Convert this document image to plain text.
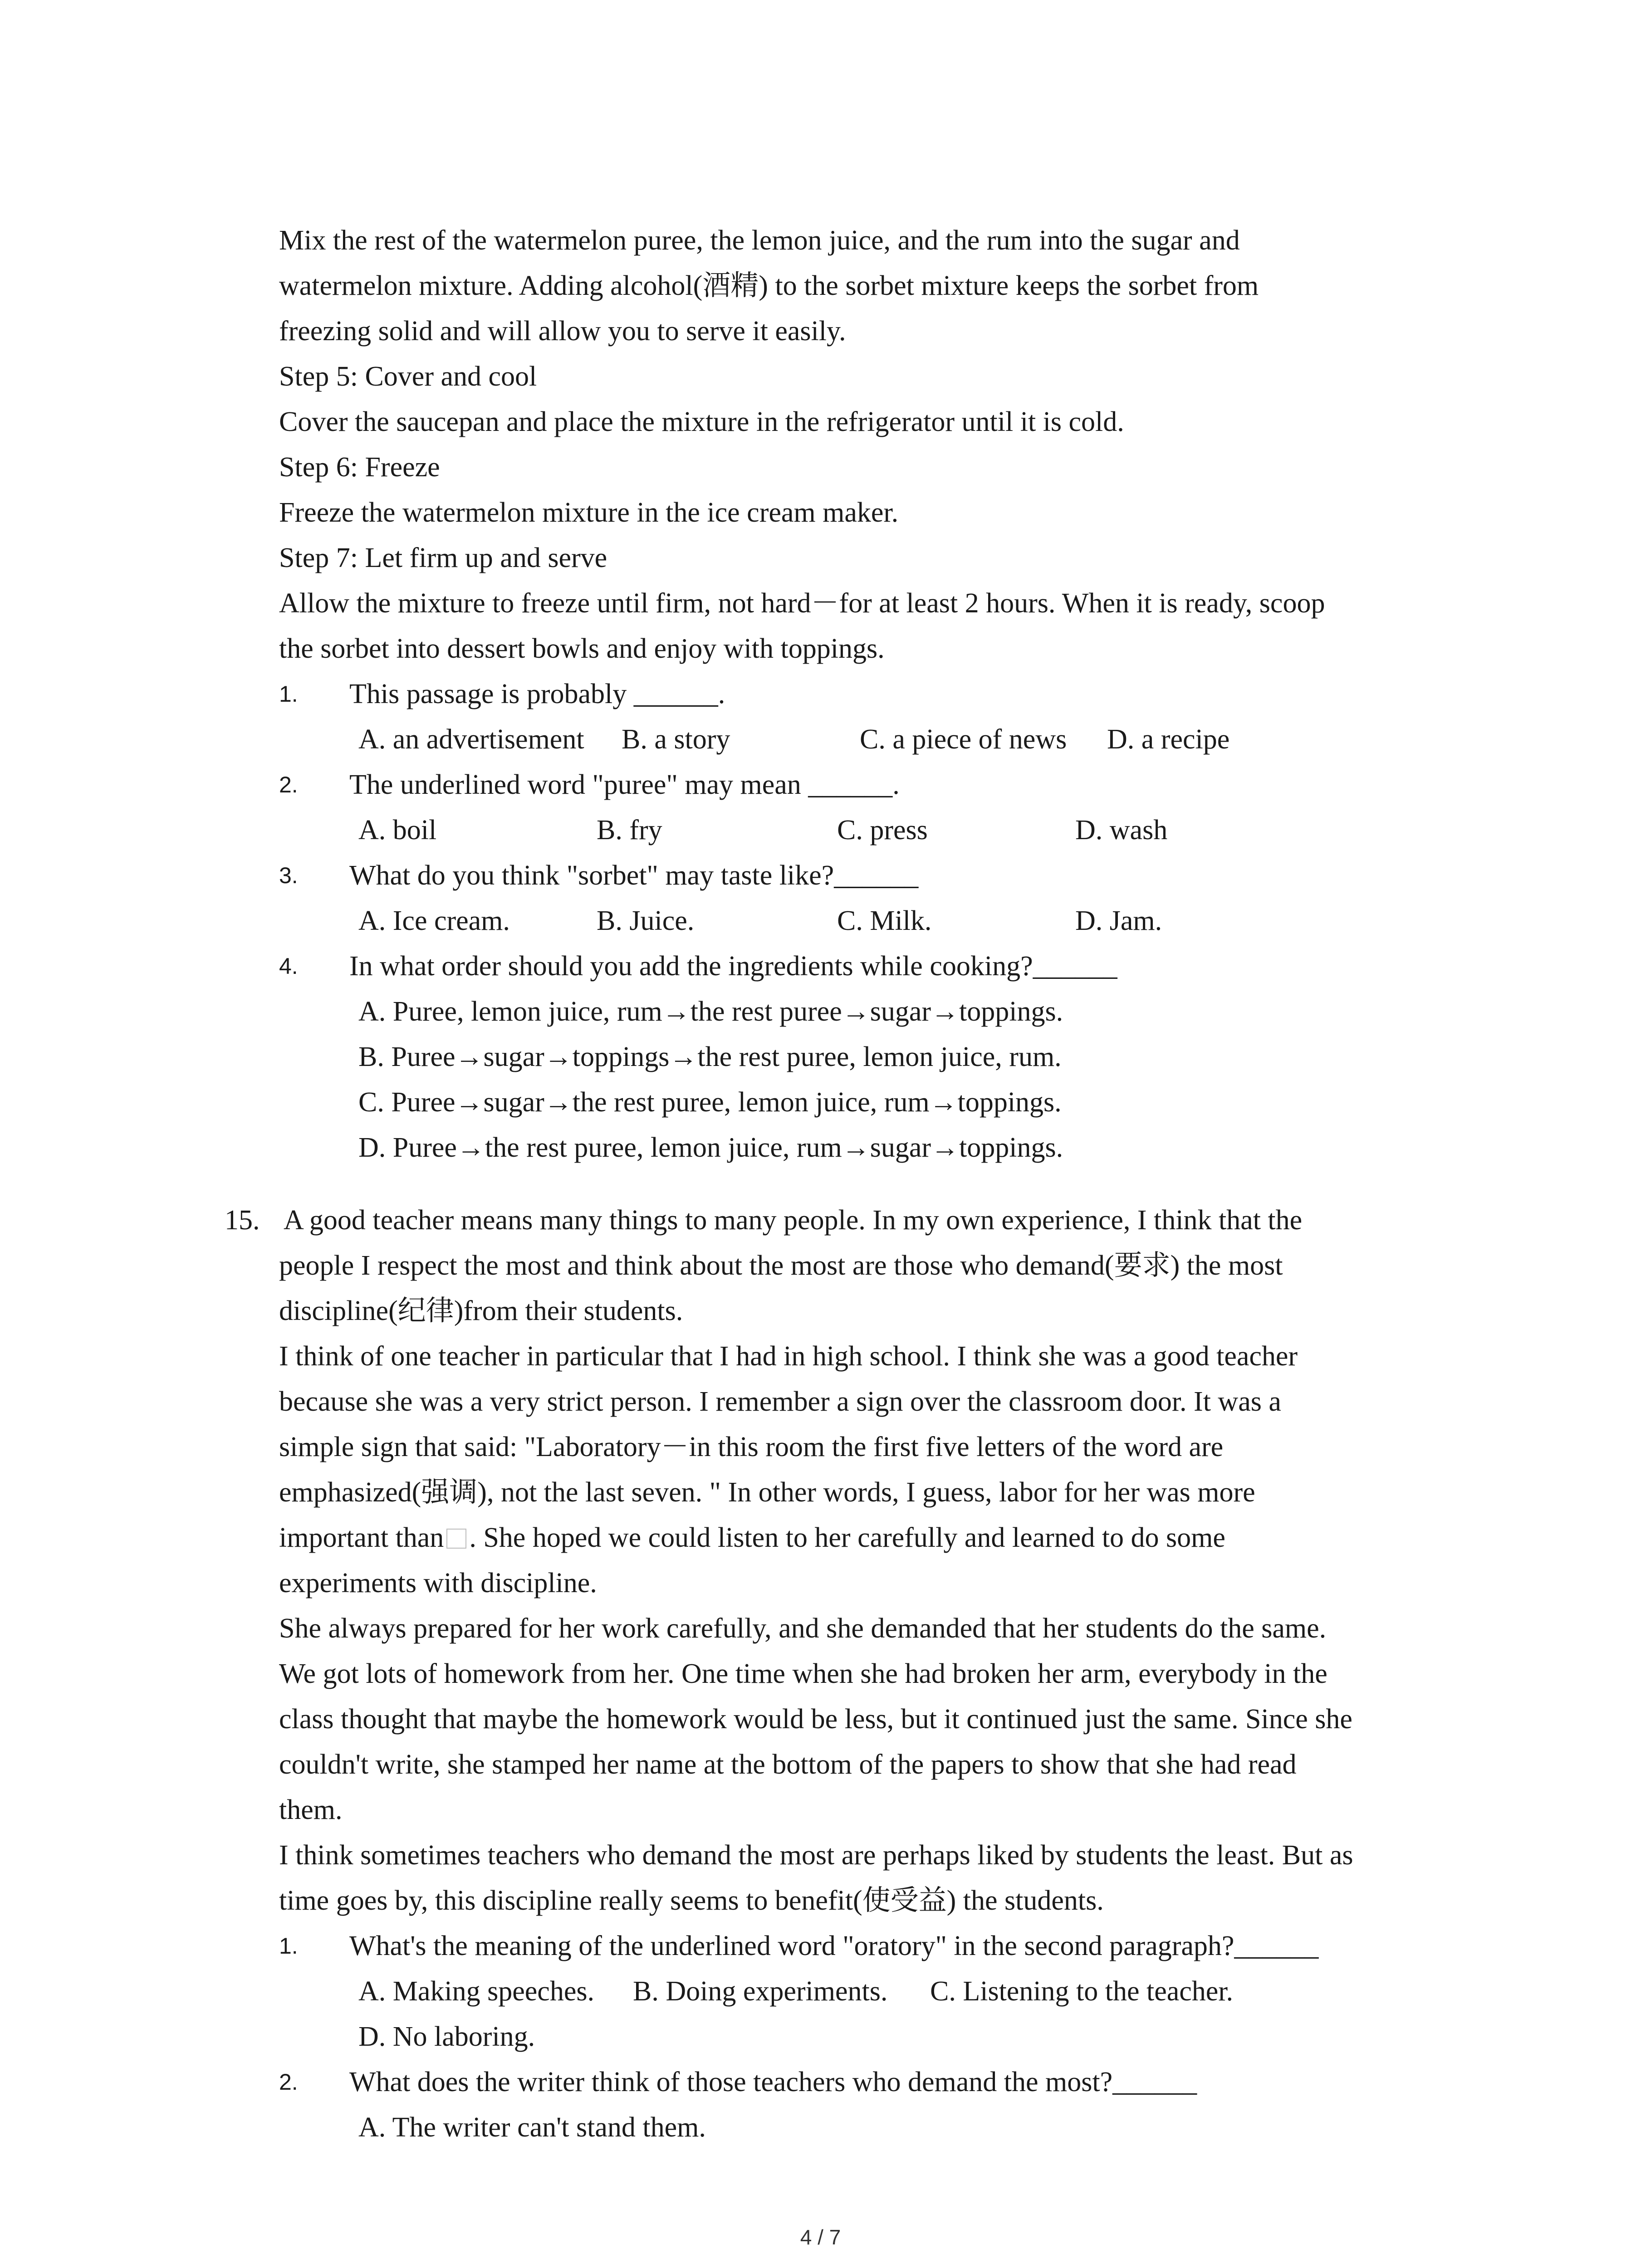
Mix the rest of the watermelon puree, the lemon juice, and the rum into the sugar and
watermelon mixture. Adding alcohol(酒精) to the sorbet mixture keeps the sorbet from
freezing solid and will allow you to serve it easily.
Step 5: Cover and cool
Cover the saucepan and place the mixture in the refrigerator until it is cold.
Step 6: Freeze
Freeze the watermelon mixture in the ice cream maker.
Step 7: Let firm up and serve
Allow the mixture to freeze until firm, not hard－for at least 2 hours. When it is ready, scoop
the sorbet into dessert bowls and enjoy with toppings.
1. This passage is probably ______.
A. an advertisement B. a story	C. a piece of news D. a recipe
2. The underlined word "puree" may mean ______.
A. boil	B. fry	C. press	D. wash
3. What do you think "sorbet" may taste like?______
A. Ice cream.	B. Juice.	C. Milk.	D. Jam.
4. In what order should you add the ingredients while cooking?______
A. Puree, lemon juice, rum→the rest puree→sugar→toppings.
B. Puree→sugar→toppings→the rest puree, lemon juice, rum.
C. Puree→sugar→the rest puree, lemon juice, rum→toppings.
D. Puree→the rest puree, lemon juice, rum→sugar→toppings.
15. A good teacher means many things to many people. In my own experience, I think that the
people I respect the most and think about the most are those who demand(要求) the most
discipline(纪律)from their students.
I think of one teacher in particular that I had in high school. I think she was a good teacher
because she was a very strict person. I remember a sign over the classroom door. It was a
simple sign that said: "Laboratory－in this room the first five letters of the word are
emphasized(强调), not the last seven. " In other words, I guess, labor for her was more
important than . She hoped we could listen to her carefully and learned to do some
experiments with discipline.
She always prepared for her work carefully, and she demanded that her students do the same.
We got lots of homework from her. One time when she had broken her arm, everybody in the
class thought that maybe the homework would be less, but it continued just the same. Since she
couldn't write, she stamped her name at the bottom of the papers to show that she had read
them.
I think sometimes teachers who demand the most are perhaps liked by students the least. But as
time goes by, this discipline really seems to benefit(使受益) the students.
1. What's the meaning of the underlined word "oratory" in the second paragraph?______
A. Making speeches. B. Doing experiments. C. Listening to the teacher.
D. No laboring.
2. What does the writer think of those teachers who demand the most?______
A. The writer can't stand them.
4 / 7
